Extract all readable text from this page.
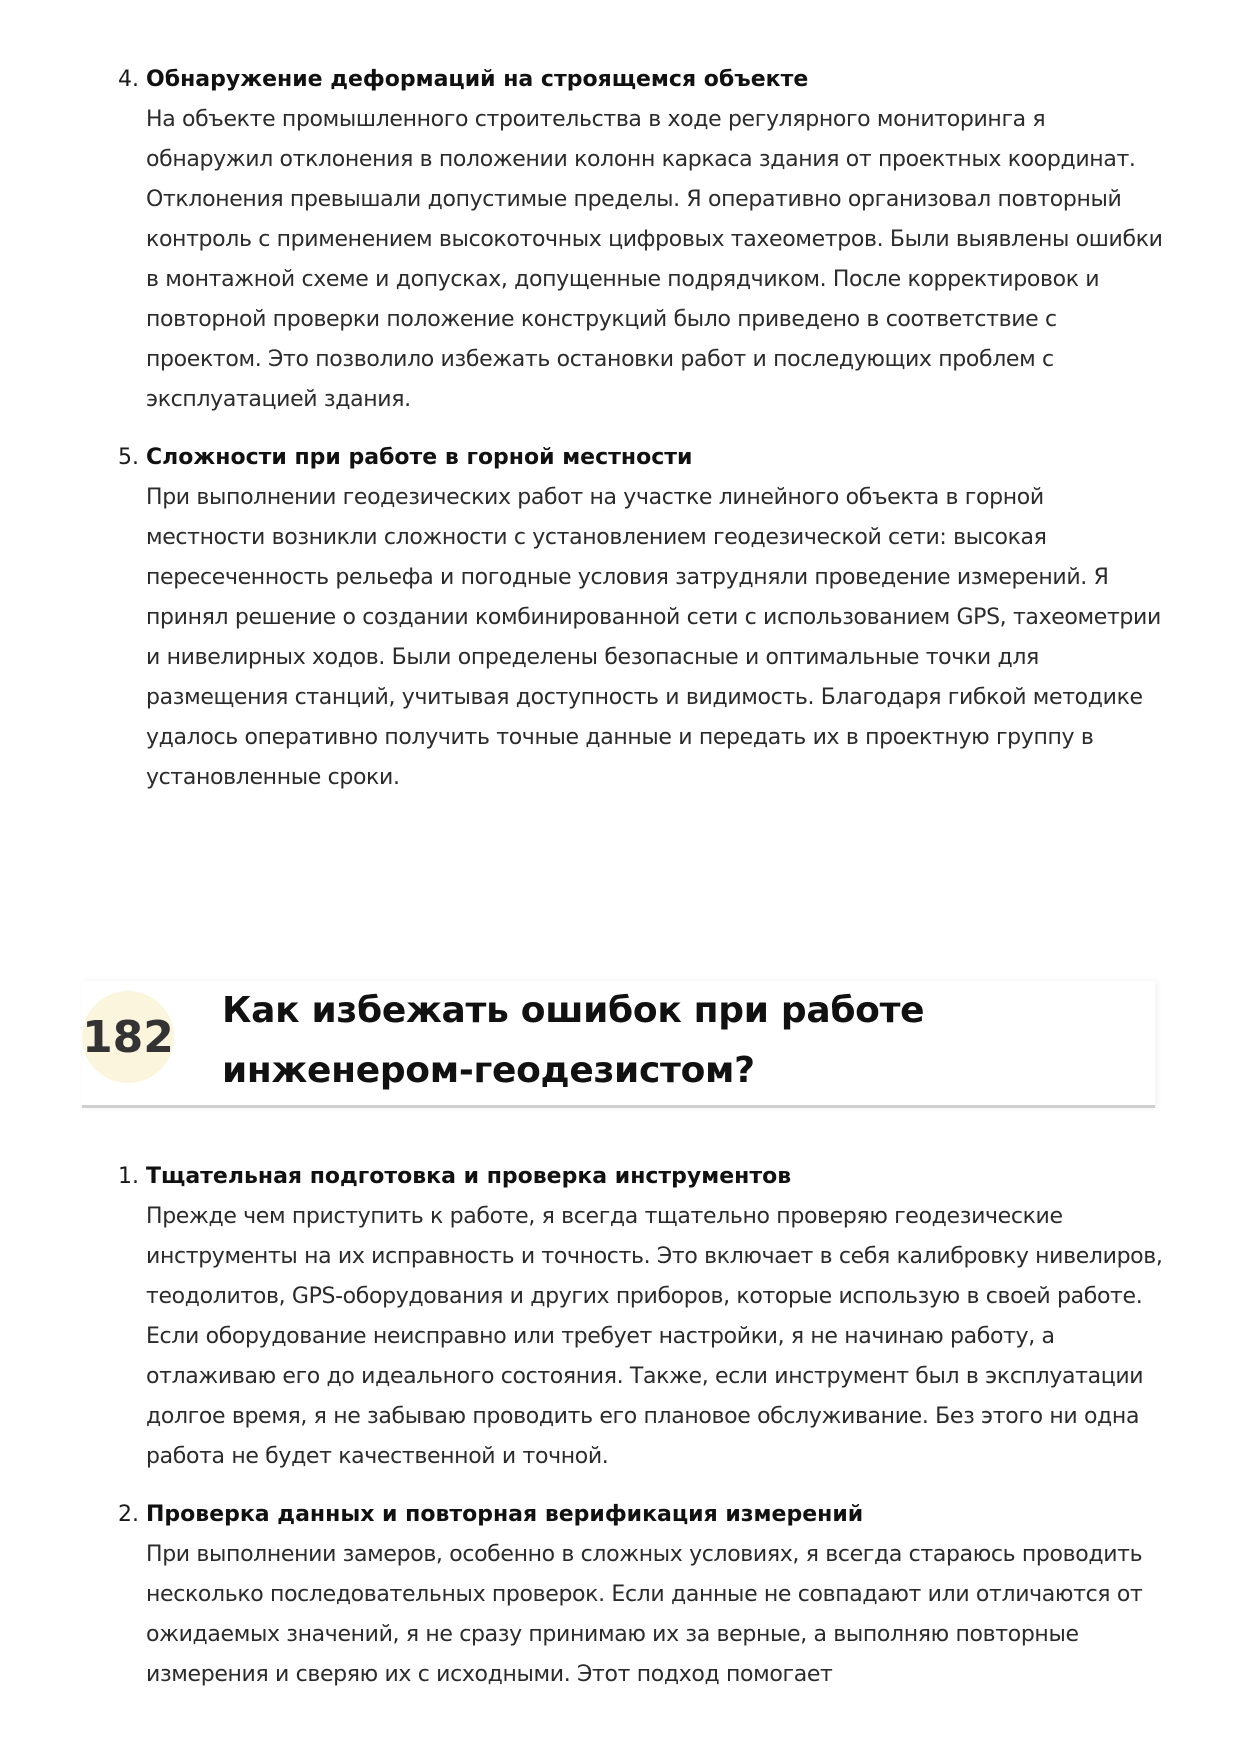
4. Обнаружение деформаций на строящемся объекте
На объекте промышленного строительства в ходе регулярного мониторинга я обнаружил отклонения в положении колонн каркаса здания от проектных координат. Отклонения превышали допустимые пределы. Я оперативно организовал повторный контроль с применением высокоточных цифровых тахеометров. Были выявлены ошибки в монтажной схеме и допусках, допущенные подрядчиком. После корректировок и повторной проверки положение конструкций было приведено в соответствие с проектом. Это позволило избежать остановки работ и последующих проблем с эксплуатацией здания.
5. Сложности при работе в горной местности
При выполнении геодезических работ на участке линейного объекта в горной местности возникли сложности с установлением геодезической сети: высокая пересеченность рельефа и погодные условия затрудняли проведение измерений. Я принял решение о создании комбинированной сети с использованием GPS, тахеометрии и нивелирных ходов. Были определены безопасные и оптимальные точки для размещения станций, учитывая доступность и видимость. Благодаря гибкой методике удалось оперативно получить точные данные и передать их в проектную группу в установленные сроки.
182
Как избежать ошибок при работе инженером-геодезистом?
1. Тщательная подготовка и проверка инструментов
Прежде чем приступить к работе, я всегда тщательно проверяю геодезические инструменты на их исправность и точность. Это включает в себя калибровку нивелиров, теодолитов, GPS-оборудования и других приборов, которые использую в своей работе. Если оборудование неисправно или требует настройки, я не начинаю работу, а отлаживаю его до идеального состояния. Также, если инструмент был в эксплуатации долгое время, я не забываю проводить его плановое обслуживание. Без этого ни одна работа не будет качественной и точной.
2. Проверка данных и повторная верификация измерений
При выполнении замеров, особенно в сложных условиях, я всегда стараюсь проводить несколько последовательных проверок. Если данные не совпадают или отличаются от ожидаемых значений, я не сразу принимаю их за верные, а выполняю повторные измерения и сверяю их с исходными. Этот подход помогает
